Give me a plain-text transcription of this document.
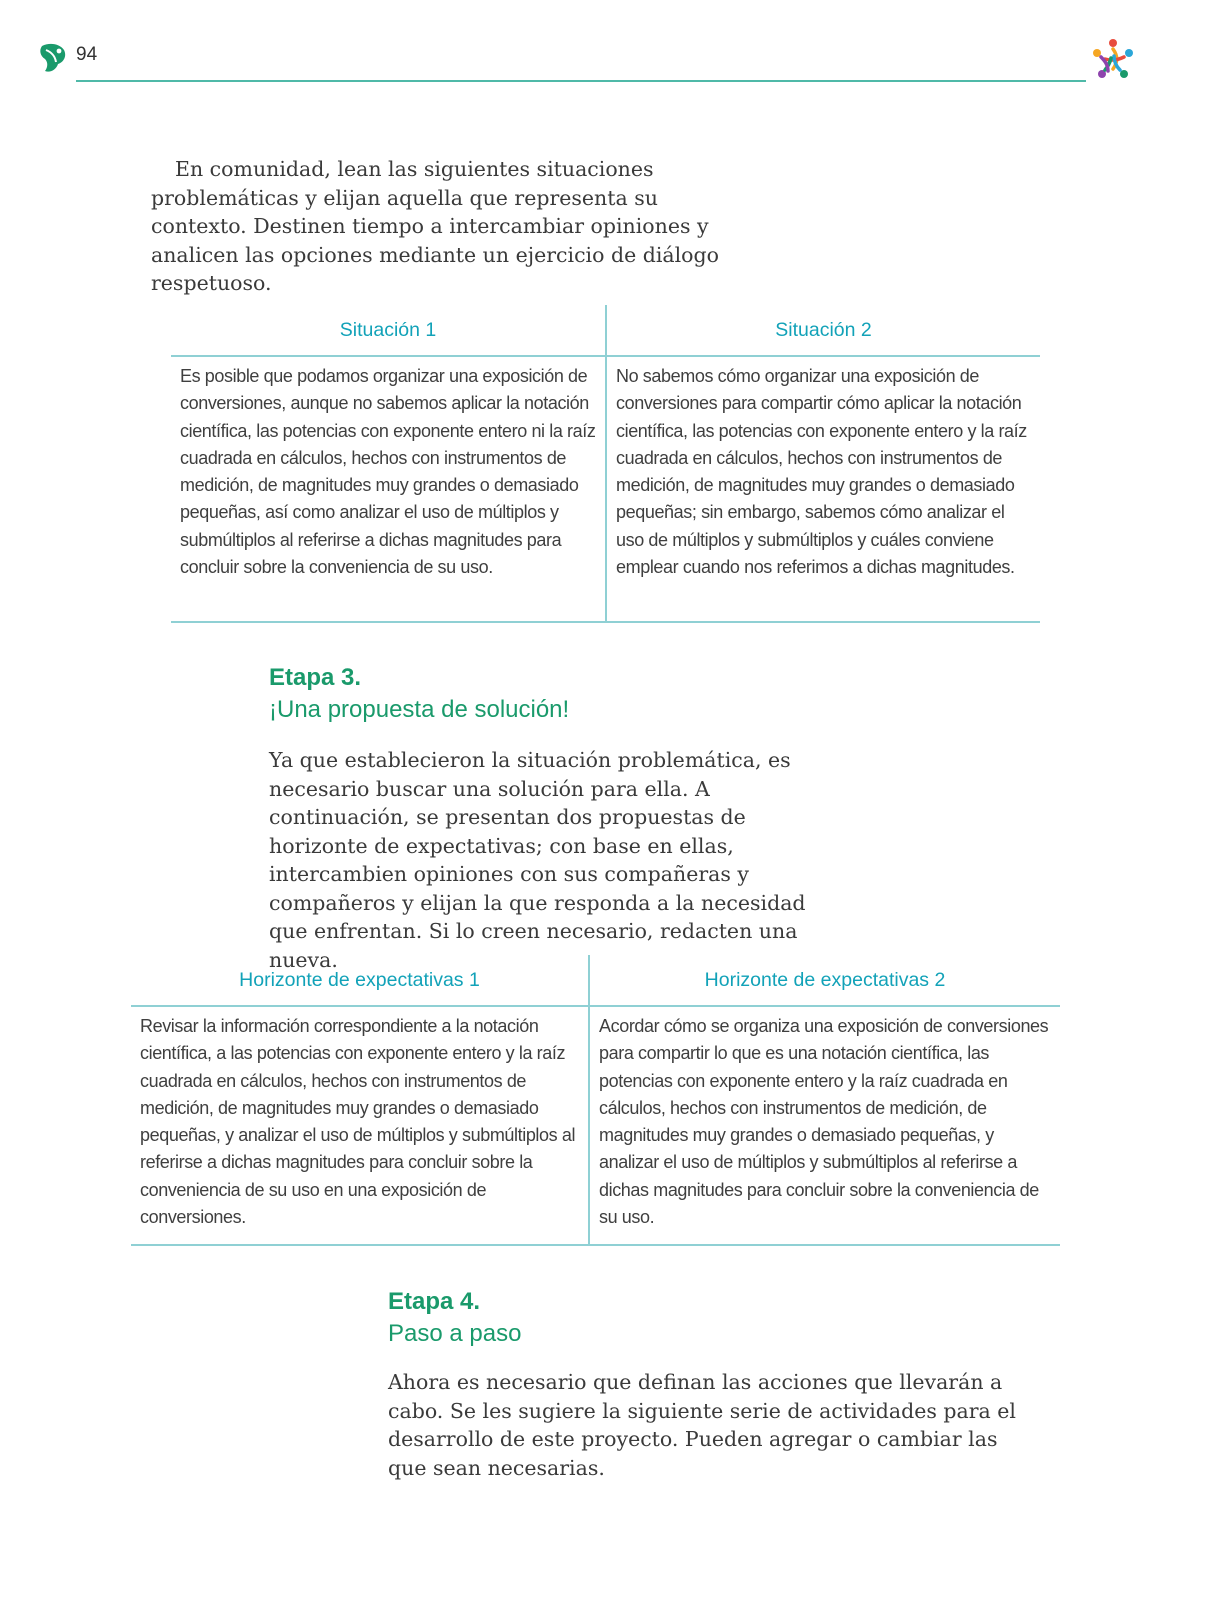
94

En comunidad, lean las siguientes situaciones problemáticas y elijan aquella que representa su contexto. Destinen tiempo a intercambiar opiniones y analicen las opciones mediante un ejercicio de diálogo respetuoso.

Situación 1

Es posible que podamos organizar una exposición de conversiones, aunque no sabemos aplicar la notación científica, las potencias con exponente entero ni la raíz cuadrada en cálculos, hechos con instrumentos de medición, de magnitudes muy grandes o demasiado pequeñas, así como analizar el uso de múltiplos y submúltiplos al referirse a dichas magnitudes para concluir sobre la conveniencia de su uso.

Situación 2

No sabemos cómo organizar una exposición de conversiones para compartir cómo aplicar la notación científica, las potencias con exponente entero y la raíz cuadrada en cálculos, hechos con instrumentos de medición, de magnitudes muy grandes o demasiado pequeñas; sin embargo, sabemos cómo analizar el uso de múltiplos y submúltiplos y cuáles conviene emplear cuando nos referimos a dichas magnitudes.

Etapa 3.
¡Una propuesta de solución!

Ya que establecieron la situación problemática, es necesario buscar una solución para ella. A continuación, se presentan dos propuestas de horizonte de expectativas; con base en ellas, intercambien opiniones con sus compañeras y compañeros y elijan la que responda a la necesidad que enfrentan. Si lo creen necesario, redacten una nueva.

Horizonte de expectativas 1

Revisar la información correspondiente a la notación científica, a las potencias con exponente entero y la raíz cuadrada en cálculos, hechos con instrumentos de medición, de magnitudes muy grandes o demasiado pequeñas, y analizar el uso de múltiplos y submúltiplos al referirse a dichas magnitudes para concluir sobre la conveniencia de su uso en una exposición de conversiones.

Horizonte de expectativas 2

Acordar cómo se organiza una exposición de conversiones para compartir lo que es una notación científica, las potencias con exponente entero y la raíz cuadrada en cálculos, hechos con instrumentos de medición, de magnitudes muy grandes o demasiado pequeñas, y analizar el uso de múltiplos y submúltiplos al referirse a dichas magnitudes para concluir sobre la conveniencia de su uso.

Etapa 4.
Paso a paso

Ahora es necesario que definan las acciones que llevarán a cabo. Se les sugiere la siguiente serie de actividades para el desarrollo de este proyecto. Pueden agregar o cambiar las que sean necesarias.
